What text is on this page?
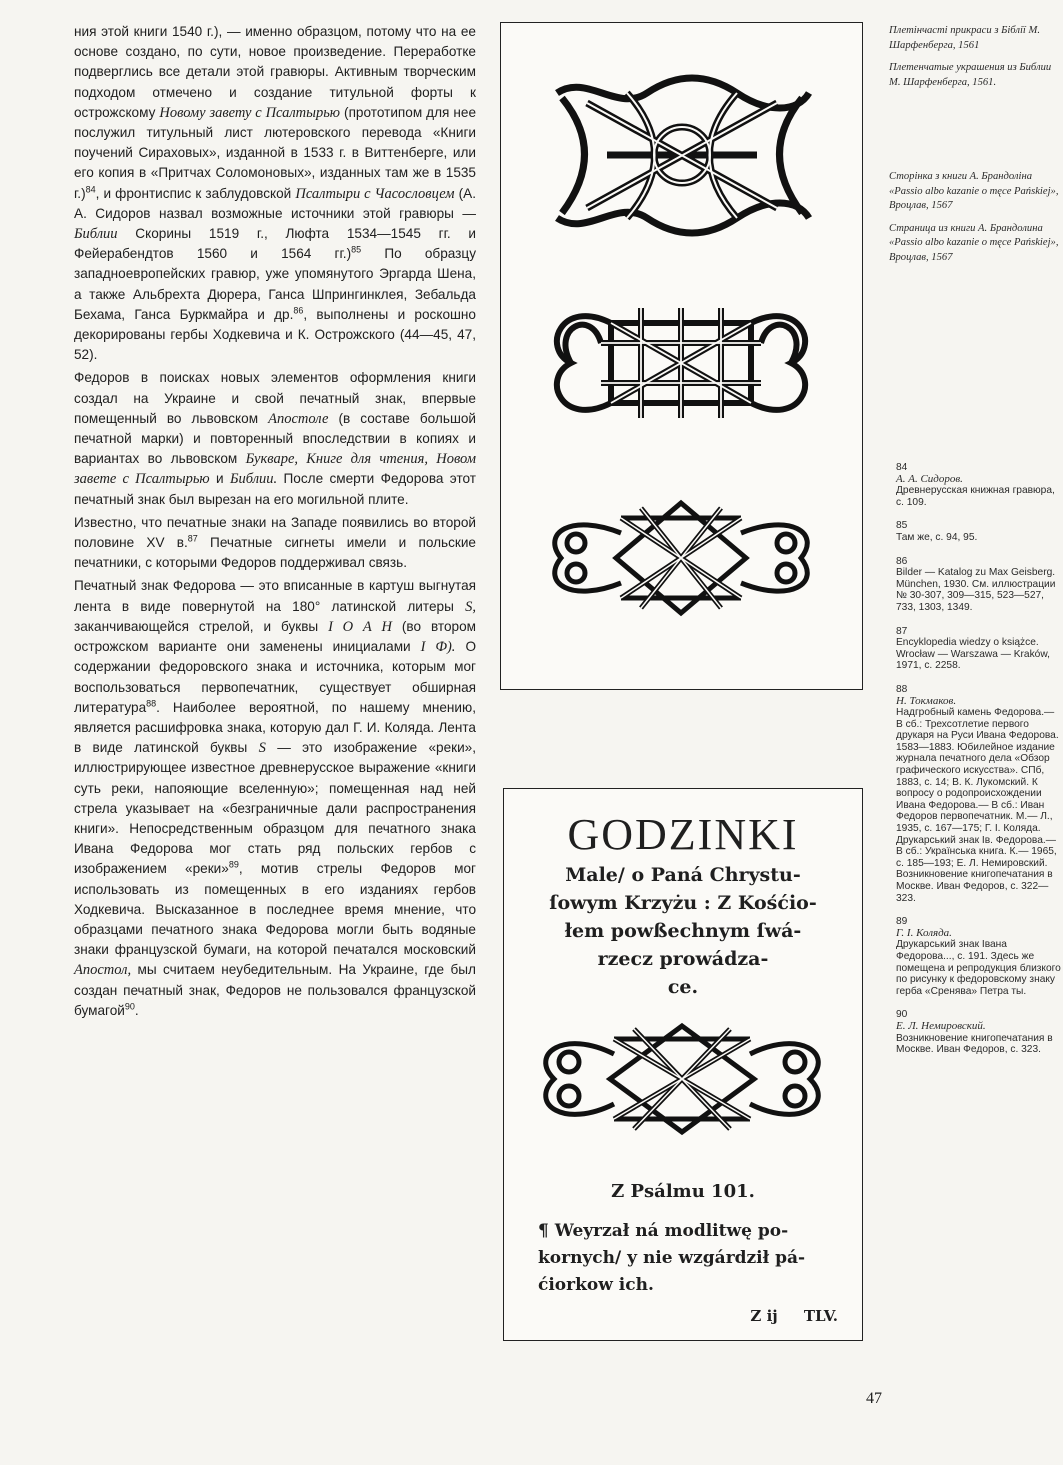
ния этой книги 1540 г.), — именно образцом, потому что на ее основе создано, по сути, новое произведение. Переработке подверглись все детали этой гравюры. Активным творческим подходом отмечено и создание титульной форты к острожскому Новому завету с Псалтырью (прототипом для нее послужил титульный лист лютеровского перевода «Книги поучений Сираховых», изданной в 1533 г. в Виттенберге, или его копия в «Притчах Соломоновых», изданных там же в 1535 г.)$^{84}$, и фронтиспис к заблудовской Псалтыри с Часословцем (А. А. Сидоров назвал возможные источники этой гравюры — Библии Скорины 1519 г., Люфта 1534—1545 гг. и Фейерабендтов 1560 и 1564 гг.)$^{85}$ По образцу западноевропейских гравюр, уже упомянутого Эргарда Шена, а также Альбрехта Дюрера, Ганса Шпрингинклея, Зебальда Бехама, Ганса Буркмайра и др.$^{86}$, выполнены и роскошно декорированы гербы Ходкевича и К. Острожского (44—45, 47, 52).

Федоров в поисках новых элементов оформления книги создал на Украине и свой печатный знак, впервые помещенный во львовском Апостоле (в составе большой печатной марки) и повторенный впоследствии в копиях и вариантах во львовском Букваре, Книге для чтения, Новом завете с Псалтырью и Библии. После смерти Федорова этот печатный знак был вырезан на его могильной плите.

Известно, что печатные знаки на Западе появились во второй половине XV в.$^{87}$ Печатные сигнеты имели и польские печатники, с которыми Федоров поддерживал связь.

Печатный знак Федорова — это вписанные в картуш выгнутая лента в виде повернутой на 180° латинской литеры S, заканчивающейся стрелой, и буквы I О А Н (во втором острожском варианте они заменены инициалами I Ф). О содержании федоровского знака и источника, которым мог воспользоваться первопечатник, существует обширная литература$^{88}$. Наиболее вероятной, по нашему мнению, является расшифровка знака, которую дал Г. И. Коляда. Лента в виде латинской буквы S — это изображение «реки», иллюстрирующее известное древнерусское выражение «книги суть реки, напояющие вселенную»; помещенная над ней стрела указывает на «безграничные дали распространения книги». Непосредственным образцом для печатного знака Ивана Федорова мог стать ряд польских гербов с изображением «реки»$^{89}$, мотив стрелы Федоров мог использовать из помещенных в его изданиях гербов Ходкевича. Высказанное в последнее время мнение, что образцами печатного знака Федорова могли быть водяные знаки французской бумаги, на которой печатался московский Апостол, мы считаем неубедительным. На Украине, где был создан печатный знак, Федоров не пользовался французской бумагой$^{90}$.

GODZINKI
Male/ o Paná Chrystu-
ſowym Krzyżu : Z Kośćio-
łem powßechnym ſwá-
rzecz prowádza-
ce.
Z Psálmu 101.
¶ Weyrzał ná modlitwę po-
kornych/ y nie wzgárdził pá-
ćiorkow ich.
Z ij     TLV.

Плетінчасті прикраси з Біблії М. Шарфенберга, 1561

Плетенчатые украшения из Библии М. Шарфенберга, 1561.

Сторінка з книги А. Брандоліна «Passio albo kazanie o męce Pańskiej», Вроцлав, 1567

Страница из книги А. Брандолина «Passio albo kazanie o męce Pańskiej», Вроцлав, 1567

84
А. А. Сидоров.
Древнерусская книжная гравюра, с. 109.
85
Там же, с. 94, 95.
86
Bilder — Katalog zu Max Geisberg. München, 1930. См. иллюстрации № 30-307, 309—315, 523—527, 733, 1303, 1349.
87
Encyklopedia wiedzy o książce. Wrocław — Warszawa — Kraków, 1971, c. 2258.
88
Н. Токмаков.
Надгробный камень Федорова.— В сб.: Трехсотлетие первого друкаря на Руси Ивана Федорова. 1583—1883. Юбилейное издание журнала печатного дела «Обзор графического искусства». СПб, 1883, с. 14; В. К. Лукомский. К вопросу о родопроисхождении Ивана Федорова.— В сб.: Иван Федоров первопечатник. М.— Л., 1935, с. 167—175; Г. І. Коляда. Друкарський знак Ів. Федорова.— В сб.: Українська книга. К.— 1965, с. 185—193; Е. Л. Немировский. Возникновение книгопечатания в Москве. Иван Федоров, с. 322—323.
89
Г. І. Коляда.
Друкарський знак Івана Федорова..., с. 191. Здесь же помещена и репродукция близкого по рисунку к федоровскому знаку герба «Сренява» Петра ты.
90
Е. Л. Немировский.
Возникновение книгопечатания в Москве. Иван Федоров, с. 323.
47
